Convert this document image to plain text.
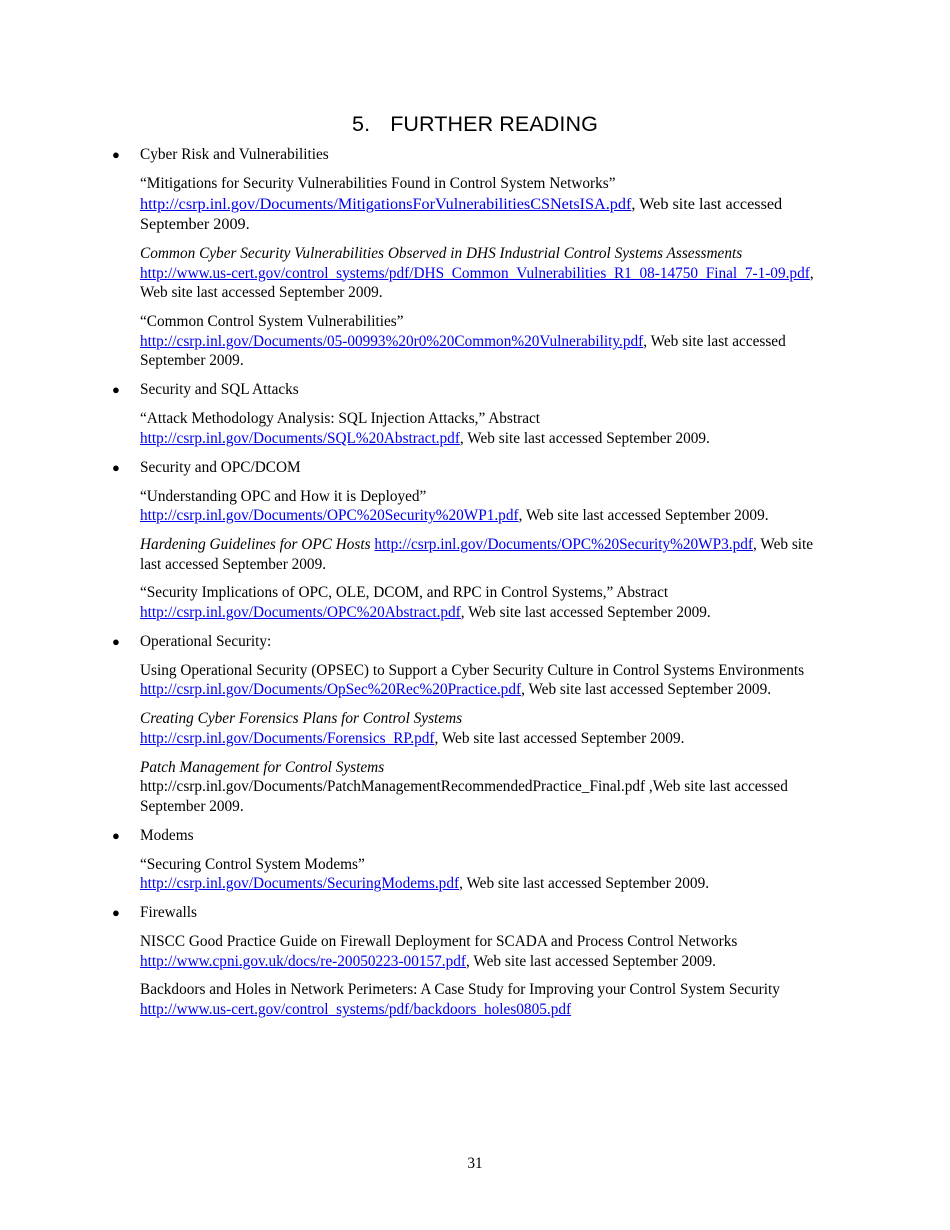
5. FURTHER READING
● Cyber Risk and Vulnerabilities
“Mitigations for Security Vulnerabilities Found in Control System Networks”
http://csrp.inl.gov/Documents/MitigationsForVulnerabilitiesCSNetsISA.pdf, Web site last accessed September 2009.
Common Cyber Security Vulnerabilities Observed in DHS Industrial Control Systems Assessments
http://www.us-cert.gov/control_systems/pdf/DHS_Common_Vulnerabilities_R1_08-14750_Final_7-1-09.pdf, Web site last accessed September 2009.
“Common Control System Vulnerabilities”
http://csrp.inl.gov/Documents/05-00993%20r0%20Common%20Vulnerability.pdf, Web site last accessed September 2009.
● Security and SQL Attacks
“Attack Methodology Analysis: SQL Injection Attacks,” Abstract
http://csrp.inl.gov/Documents/SQL%20Abstract.pdf, Web site last accessed September 2009.
● Security and OPC/DCOM
“Understanding OPC and How it is Deployed”
http://csrp.inl.gov/Documents/OPC%20Security%20WP1.pdf, Web site last accessed September 2009.
Hardening Guidelines for OPC Hosts http://csrp.inl.gov/Documents/OPC%20Security%20WP3.pdf, Web site last accessed September 2009.
“Security Implications of OPC, OLE, DCOM, and RPC in Control Systems,” Abstract
http://csrp.inl.gov/Documents/OPC%20Abstract.pdf, Web site last accessed September 2009.
● Operational Security:
Using Operational Security (OPSEC) to Support a Cyber Security Culture in Control Systems Environments
http://csrp.inl.gov/Documents/OpSec%20Rec%20Practice.pdf, Web site last accessed September 2009.
Creating Cyber Forensics Plans for Control Systems
http://csrp.inl.gov/Documents/Forensics_RP.pdf, Web site last accessed September 2009.
Patch Management for Control Systems
http://csrp.inl.gov/Documents/PatchManagementRecommendedPractice_Final.pdf ,Web site last accessed September 2009.
● Modems
“Securing Control System Modems”
http://csrp.inl.gov/Documents/SecuringModems.pdf, Web site last accessed September 2009.
● Firewalls
NISCC Good Practice Guide on Firewall Deployment for SCADA and Process Control Networks
http://www.cpni.gov.uk/docs/re-20050223-00157.pdf, Web site last accessed September 2009.
Backdoors and Holes in Network Perimeters: A Case Study for Improving your Control System Security
http://www.us-cert.gov/control_systems/pdf/backdoors_holes0805.pdf
31
